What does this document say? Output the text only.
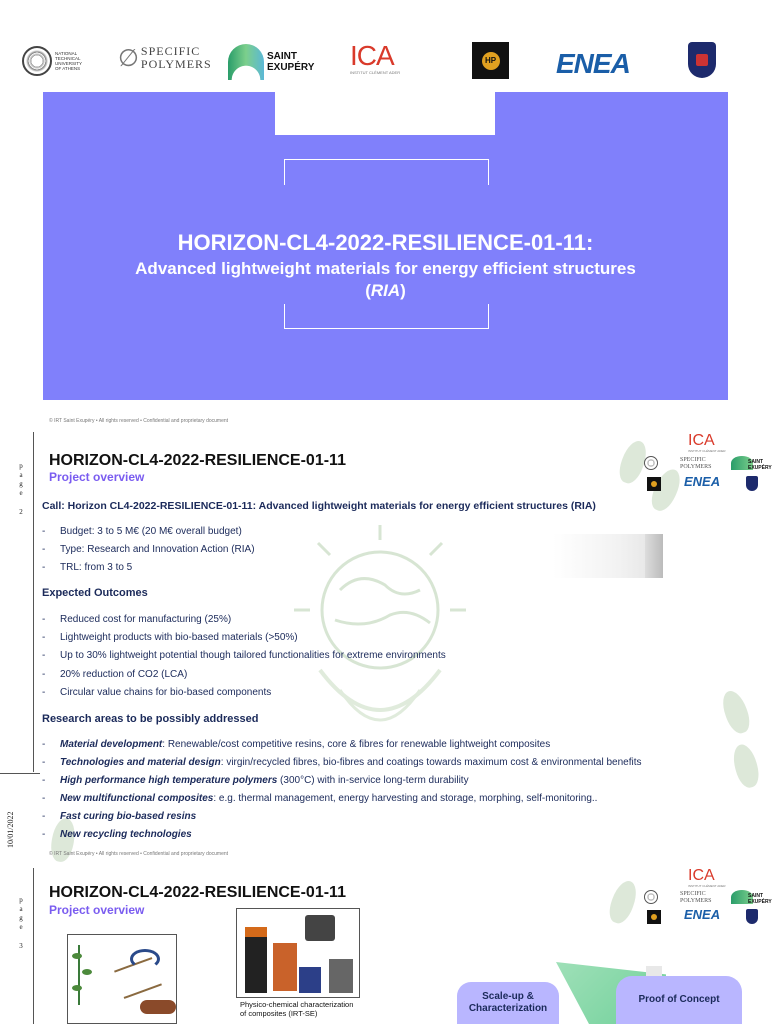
NATIONAL TECHNICAL UNIVERSITY OF ATHENS	∅ SPECIFIC
POLYMERS
SAINT
EXUPÉRY ICA
INSTITUT CLÉMENT ADER
HP ENEA
HORIZON-CL4-2022-RESILIENCE-01-11:
Advanced lightweight materials for energy efficient structures
(RIA)
© IRT Saint Exupéry • All rights reserved • Confidential and proprietary document
p
a
g
e
2
10/01/2022
HORIZON-CL4-2022-RESILIENCE-01-11
Project overview
ICA
INSTITUT CLÉMENT ADER
SPECIFIC
POLYMERS
SAINT
EXUPÉRY
ENEA
Call: Horizon CL4-2022-RESILIENCE-01-11: Advanced lightweight materials for energy efficient structures (RIA)
- Budget: 3 to 5 M€ (20 M€ overall budget)
- Type: Research and Innovation Action (RIA)
- TRL: from 3 to 5
Expected Outcomes
- Reduced cost for manufacturing (25%)
- Lightweight products with bio-based materials (>50%)
- Up to 30% lightweight potential though tailored functionalities for extreme environments
- 20% reduction of CO2 (LCA)
- Circular value chains for bio-based components
Research areas to be possibly addressed
- Material development: Renewable/cost competitive resins, core & fibres for renewable lightweight composites
- Technologies and material design: virgin/recycled fibres, bio-fibres and coatings towards maximum cost & environmental benefits
- High performance high temperature polymers (300°C) with in-service long-term durability
- New multifunctional composites: e.g. thermal management, energy harvesting and storage, morphing, self-monitoring..
- Fast curing bio-based resins
- New recycling technologies
© IRT Saint Exupéry • All rights reserved • Confidential and proprietary document
p
a
g
e
3
HORIZON-CL4-2022-RESILIENCE-01-11
Project overview
ICA
INSTITUT CLÉMENT ADER
SPECIFIC
POLYMERS
SAINT
EXUPÉRY
ENEA
Physico-chemical characterization
of composites (IRT-SE)
Scale-up &
Characterization
Proof of Concept
